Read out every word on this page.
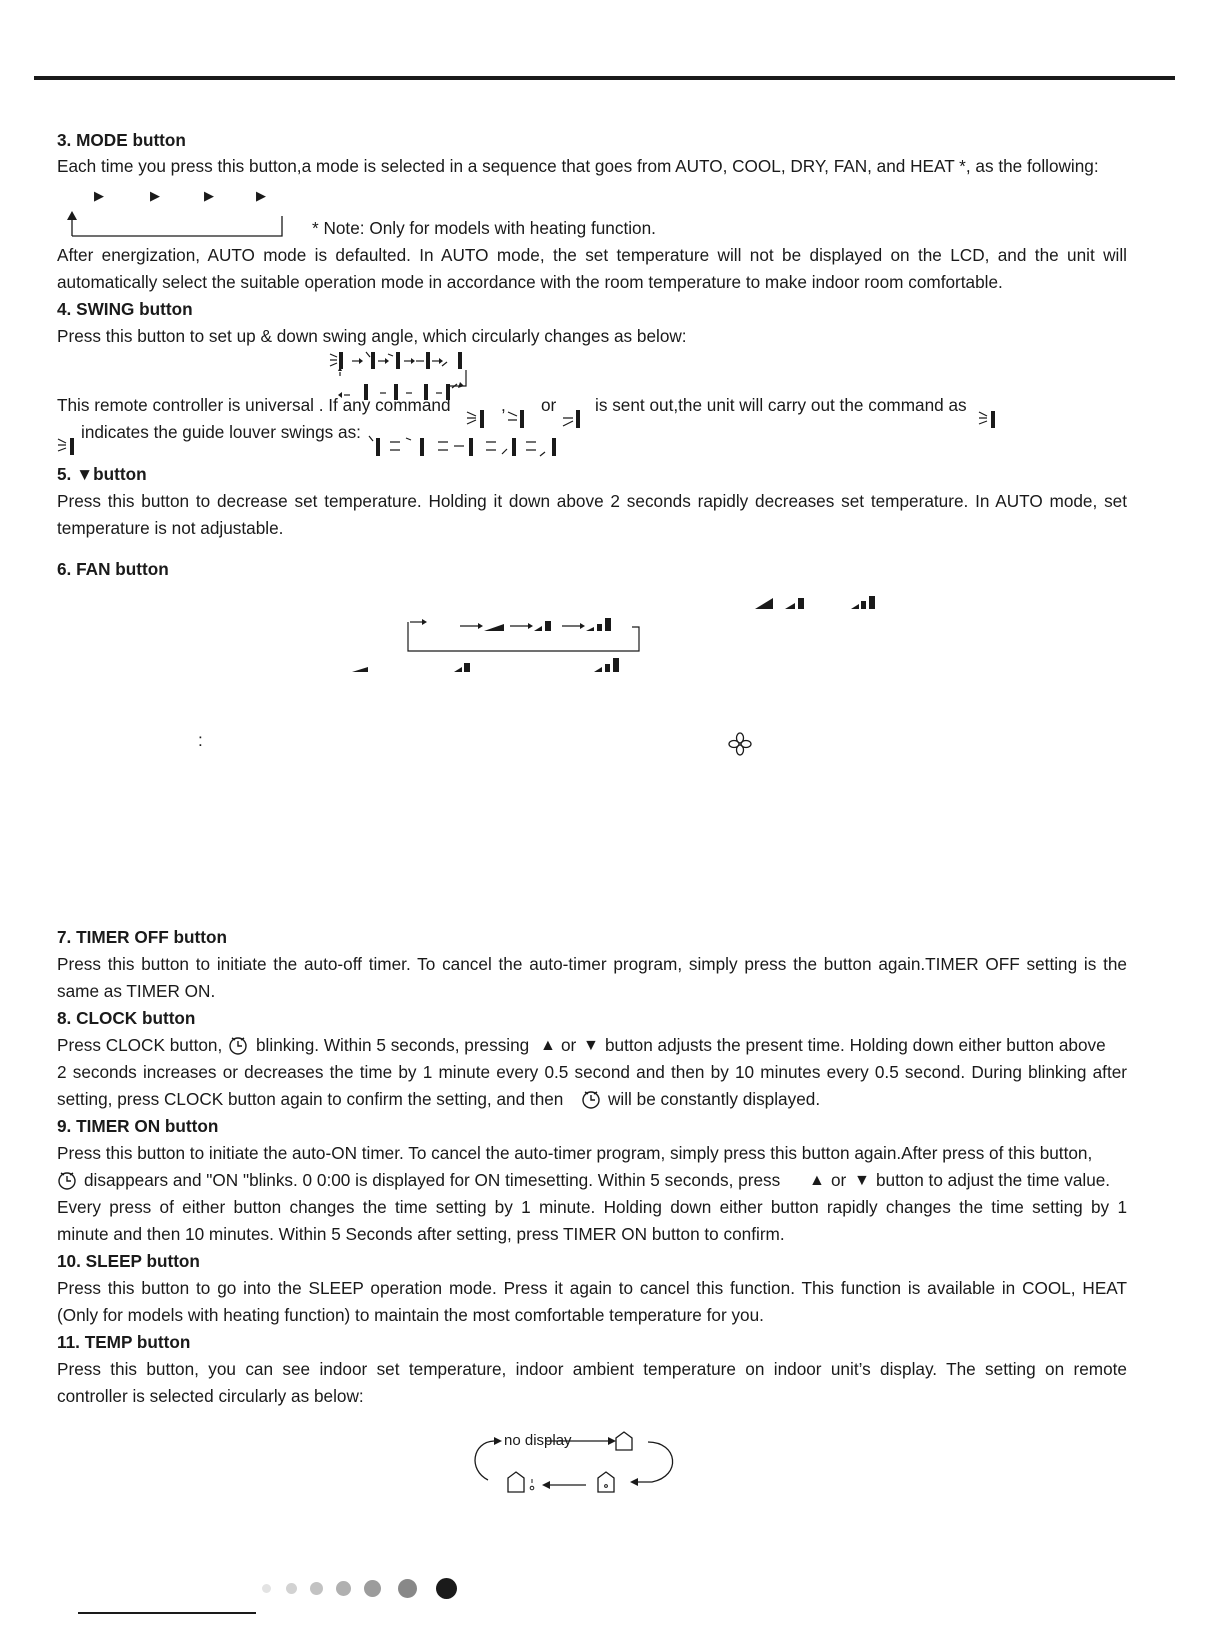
3. MODE button
Each time you press this button,a mode is selected in a sequence that goes from AUTO, COOL, DRY, FAN, and HEAT *, as the following:
▶	▶	▶	▶
* Note: Only for models with heating function.
After energization, AUTO mode is defaulted. In AUTO mode, the set temperature will not be displayed on the LCD, and the unit will
automatically select the suitable operation mode in accordance with the room temperature to make indoor room comfortable.
4. SWING button
Press this button to set up & down swing angle, which circularly changes as below:
This remote controller is universal . If any command	, or is sent out,the unit will carry out the command as
indicates the guide louver swings as:
5. ▼button
Press this button to decrease set temperature. Holding it down above 2 seconds rapidly decreases set temperature. In AUTO mode, set
temperature is not adjustable.
6. FAN button
:
7. TIMER OFF button
Press this button to initiate the auto-off timer. To cancel the auto-timer program, simply press the button again.TIMER OFF setting is the
same as TIMER ON.
8. CLOCK button
Press CLOCK button, blinking. Within 5 seconds, pressing ▲ or ▼ button adjusts the present time. Holding down either button above
2 seconds increases or decreases the time by 1 minute every 0.5 second and then by 10 minutes every 0.5 second. During blinking after
setting, press CLOCK button again to confirm the setting, and then	will be constantly displayed.
9. TIMER ON button
Press this button to initiate the auto-ON timer. To cancel the auto-timer program, simply press this button again.After press of this button,
disappears and "ON "blinks. 0 0:00 is displayed for ON timesetting. Within 5 seconds, press ▲ or ▼ button to adjust the time value.
Every press of either button changes the time setting by 1 minute. Holding down either button rapidly changes the time setting by 1
minute and then 10 minutes. Within 5 Seconds after setting, press TIMER ON button to confirm.
10. SLEEP button
Press this button to go into the SLEEP operation mode. Press it again to cancel this function. This function is available in COOL, HEAT
(Only for models with heating function) to maintain the most comfortable temperature for you.
11. TEMP button
Press this button, you can see indoor set temperature, indoor ambient temperature on indoor unit’s display. The setting on remote
controller is selected circularly as below:
no display
